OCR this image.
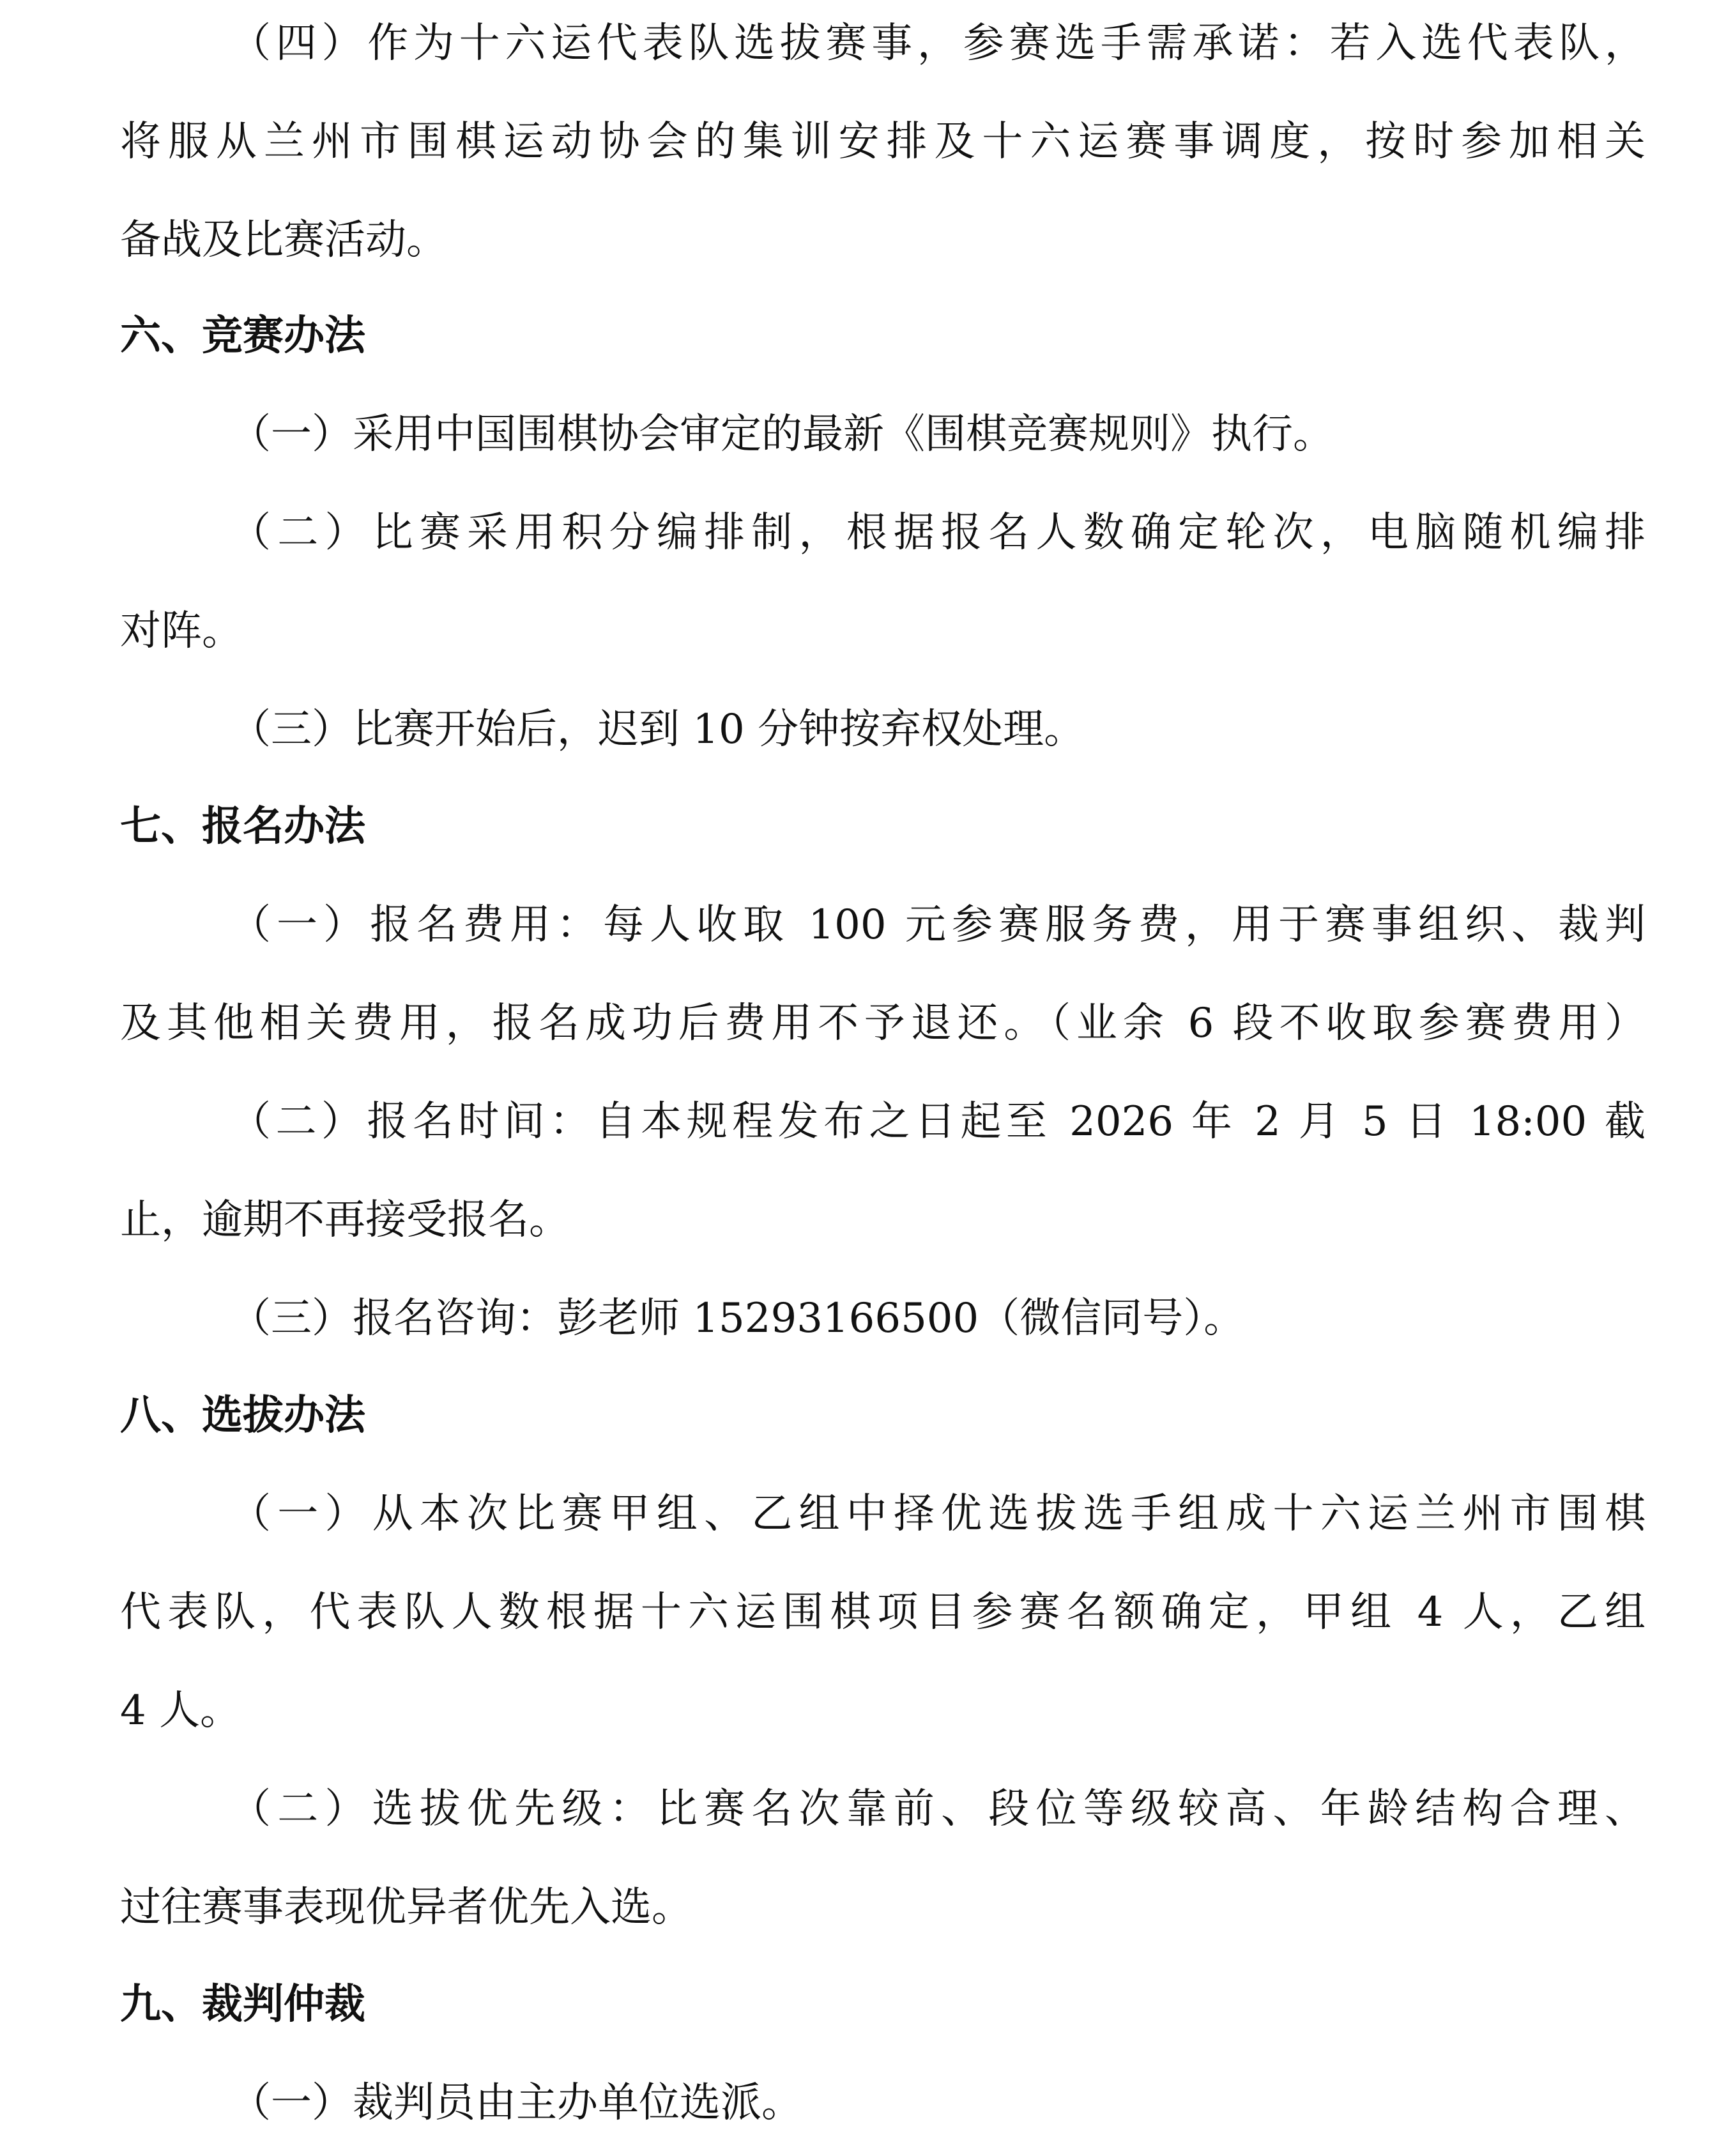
（四）作为十六运代表队选拔赛事，参赛选手需承诺：若入选代表队，
将服从兰州市围棋运动协会的集训安排及十六运赛事调度，按时参加相关
备战及比赛活动。
六、竞赛办法
（一）采用中国围棋协会审定的最新《围棋竞赛规则》执行。
（二）比赛采用积分编排制，根据报名人数确定轮次，电脑随机编排
对阵。
（三）比赛开始后，迟到 10 分钟按弃权处理。
七、报名办法
（一）报名费用：每人收取 100 元参赛服务费，用于赛事组织、裁判
及其他相关费用，报名成功后费用不予退还。（业余 6 段不收取参赛费用）
（二）报名时间：自本规程发布之日起至 2026 年 2 月 5 日 18:00 截
止，逾期不再接受报名。
（三）报名咨询：彭老师 15293166500（微信同号）。
八、选拔办法
（一）从本次比赛甲组、乙组中择优选拔选手组成十六运兰州市围棋
代表队，代表队人数根据十六运围棋项目参赛名额确定，甲组 4 人，乙组
4 人。
（二）选拔优先级：比赛名次靠前、段位等级较高、年龄结构合理、
过往赛事表现优异者优先入选。
九、裁判仲裁
（一）裁判员由主办单位选派。
